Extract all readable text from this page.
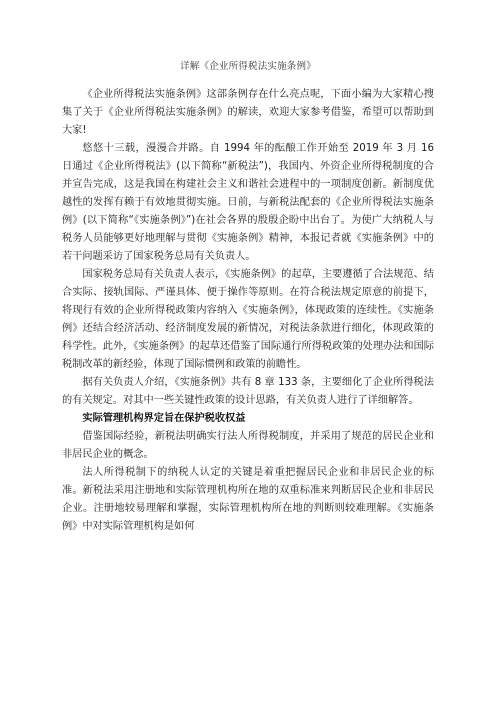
详解《企业所得税法实施条例》

《企业所得税法实施条例》这部条例存在什么亮点呢，下面小编为大家精心搜集了关于《企业所得税法实施条例》的解读，欢迎大家参考借鉴，希望可以帮助到大家!

悠悠十三载，漫漫合并路。自 1994 年的酝酿工作开始至 2019 年 3 月 16 日通过《企业所得税法》(以下简称“新税法”)，我国内、外资企业所得税制度的合并宣告完成，这是我国在构建社会主义和谐社会进程中的一项制度创新。新制度优越性的发挥有赖于有效地贯彻实施。日前，与新税法配套的《企业所得税法实施条例》(以下简称“《实施条例》”)在社会各界的殷殷企盼中出台了。为使广大纳税人与税务人员能够更好地理解与贯彻《实施条例》精神，本报记者就《实施条例》中的若干问题采访了国家税务总局有关负责人。

国家税务总局有关负责人表示，《实施条例》的起草，主要遵循了合法规范、结合实际、接轨国际、严谨具体、便于操作等原则。在符合税法规定原意的前提下，将现行有效的企业所得税政策内容纳入《实施条例》，体现政策的连续性。《实施条例》还结合经济活动、经济制度发展的新情况，对税法条款进行细化，体现政策的科学性。此外，《实施条例》的起草还借鉴了国际通行所得税政策的处理办法和国际税制改革的新经验，体现了国际惯例和政策的前瞻性。

据有关负责人介绍，《实施条例》共有 8 章 133 条，主要细化了企业所得税法的有关规定。对其中一些关键性政策的设计思路，有关负责人进行了详细解答。

实际管理机构界定旨在保护税收权益

借鉴国际经验，新税法明确实行法人所得税制度，并采用了规范的居民企业和非居民企业的概念。

法人所得税制下的纳税人认定的关键是着重把握居民企业和非居民企业的标准。新税法采用注册地和实际管理机构所在地的双重标准来判断居民企业和非居民企业。注册地较易理解和掌握，实际管理机构所在地的判断则较难理解。《实施条例》中对实际管理机构是如何
